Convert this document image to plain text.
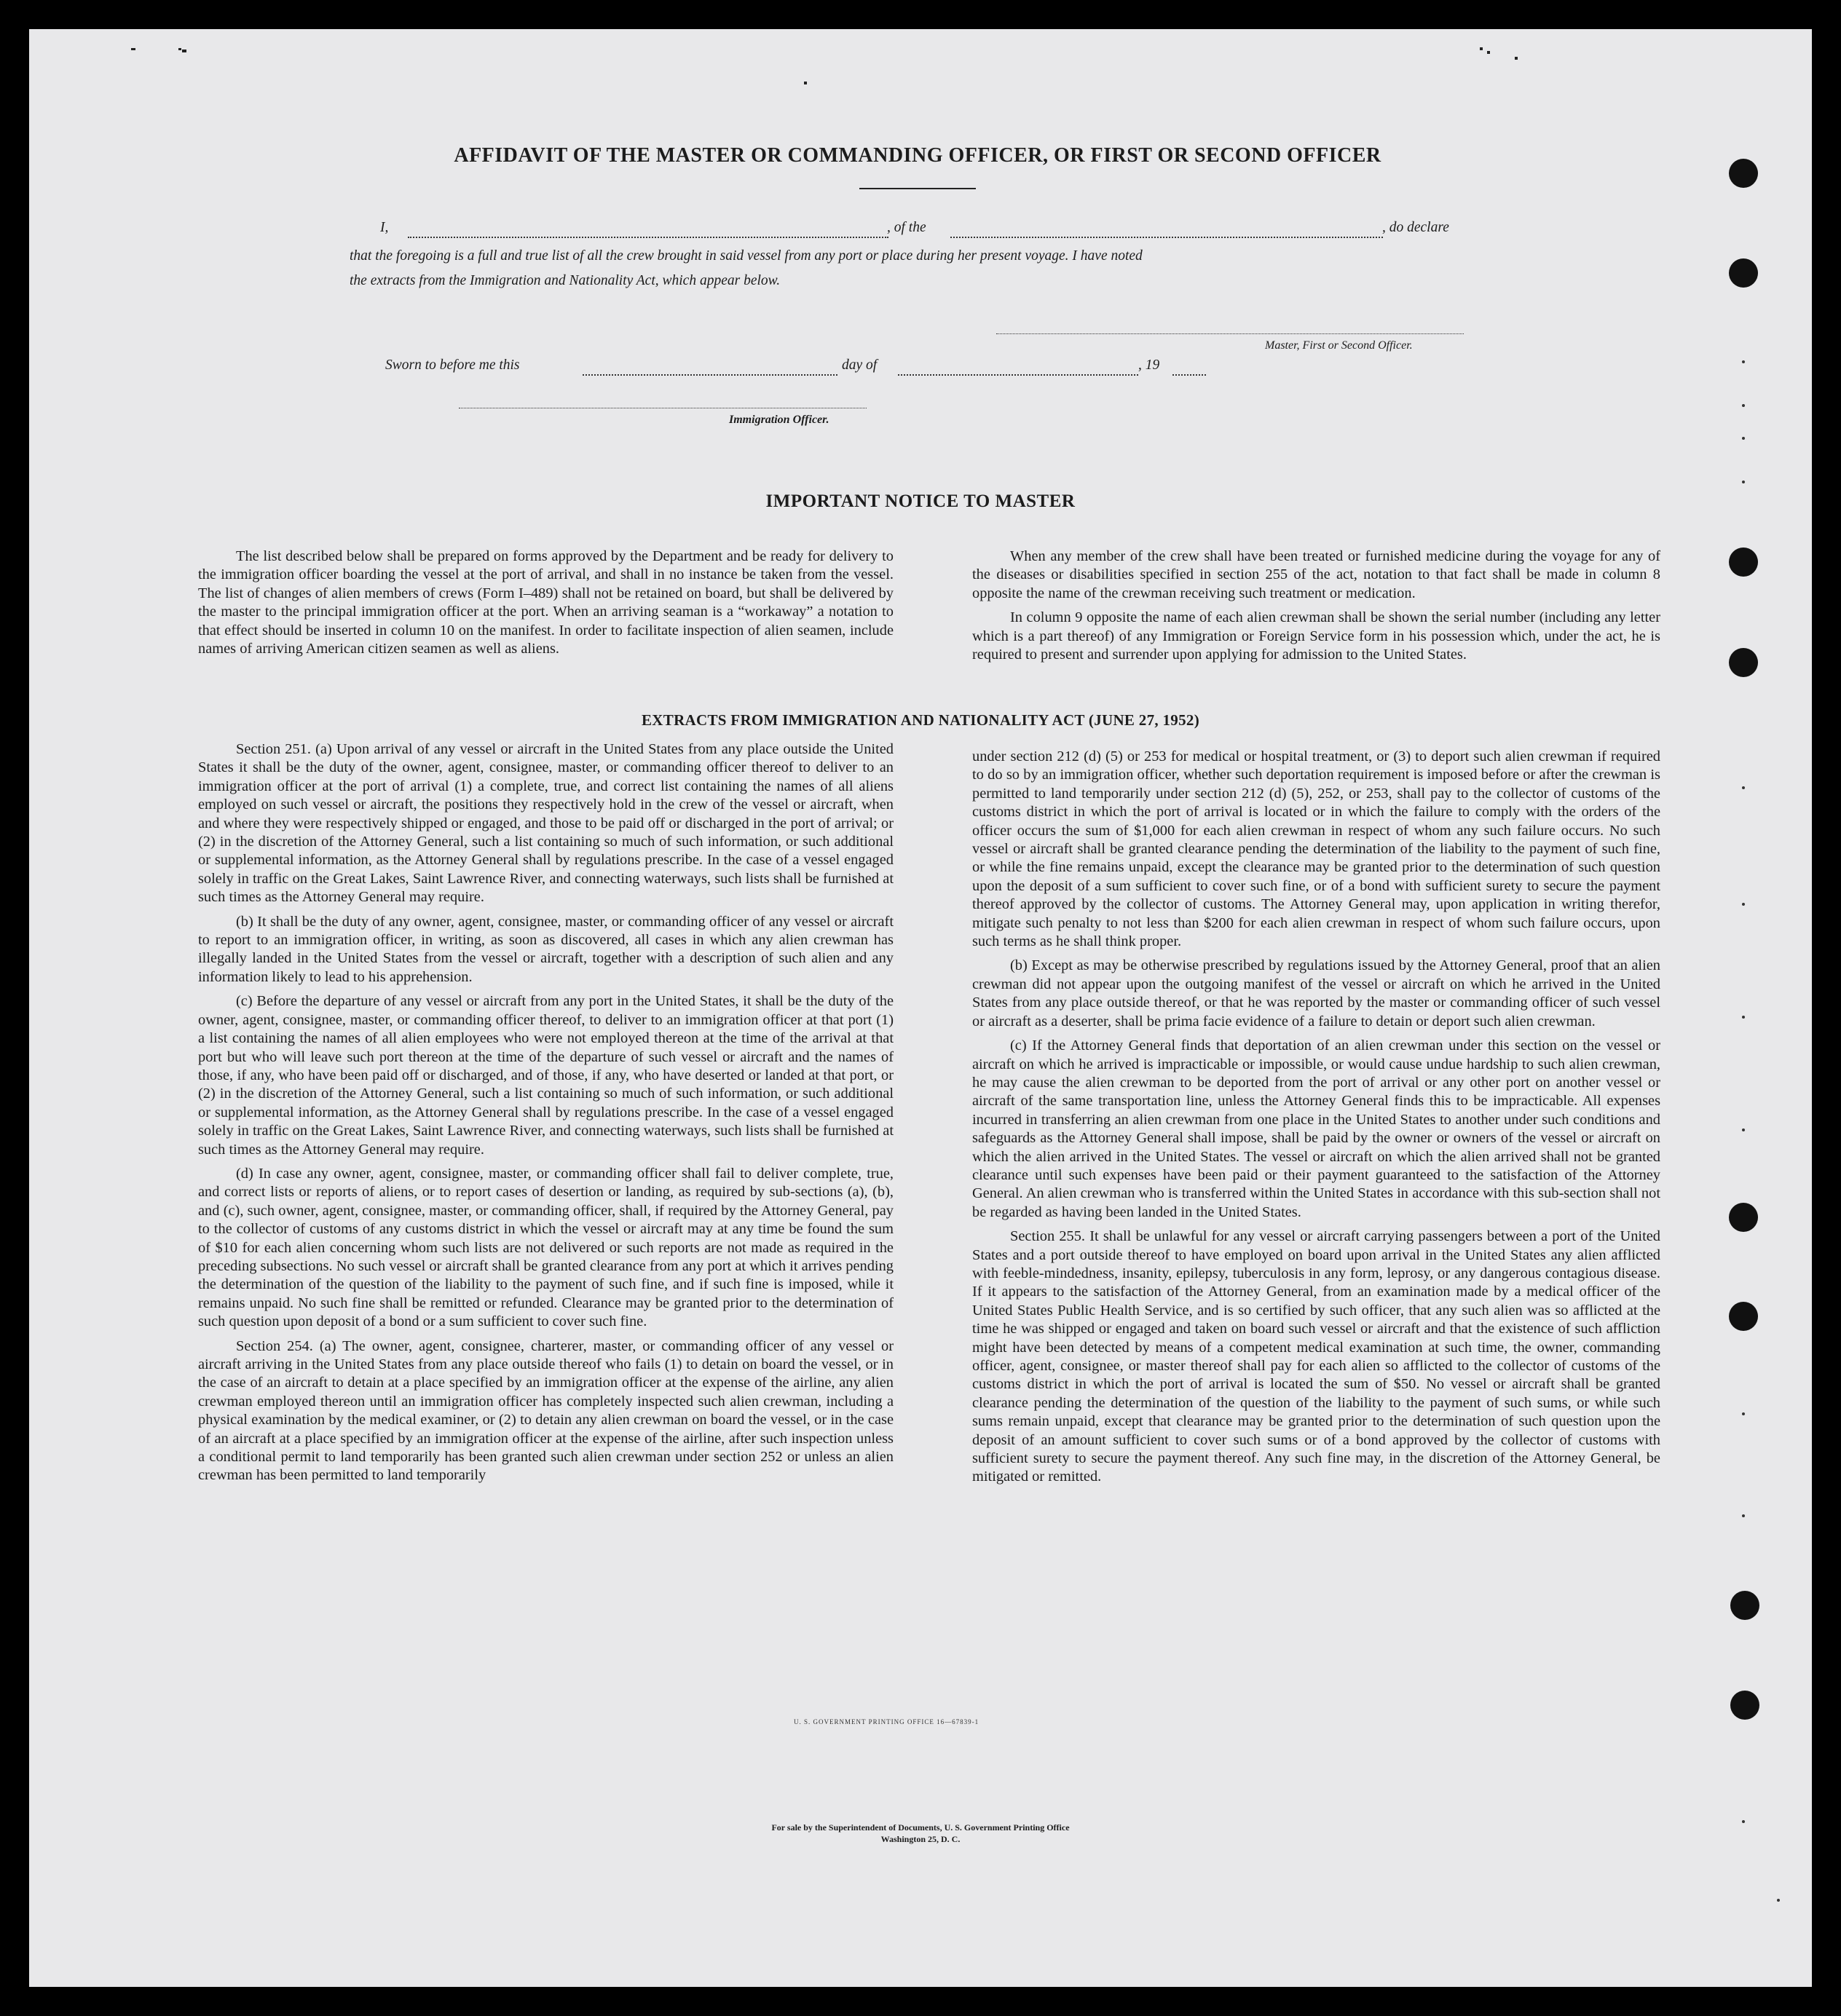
AFFIDAVIT OF THE MASTER OR COMMANDING OFFICER, OR FIRST OR SECOND OFFICER
I,	, of the	, do declare
that the foregoing is a full and true list of all the crew brought in said vessel from any port or place during her present voyage. I have noted
the extracts from the Immigration and Nationality Act, which appear below.
Master, First or Second Officer.
Sworn to before me this	day of	, 19
Immigration Officer.
IMPORTANT NOTICE TO MASTER

The list described below shall be prepared on forms approved by the Department and be ready for delivery to the immigration officer boarding the vessel at the port of arrival, and shall in no instance be taken from the vessel. The list of changes of alien members of crews (Form I–489) shall not be retained on board, but shall be delivered by the master to the principal immigration officer at the port. When an arriving seaman is a “workaway” a notation to that effect should be inserted in column 10 on the manifest. In order to facilitate inspection of alien seamen, include names of arriving American citizen seamen as well as aliens.

When any member of the crew shall have been treated or furnished medicine during the voyage for any of the diseases or disabilities specified in section 255 of the act, notation to that fact shall be made in column 8 opposite the name of the crewman receiving such treatment or medication.

In column 9 opposite the name of each alien crewman shall be shown the serial number (including any letter which is a part thereof) of any Immigration or Foreign Service form in his possession which, under the act, he is required to present and surrender upon applying for admission to the United States.

EXTRACTS FROM IMMIGRATION AND NATIONALITY ACT (JUNE 27, 1952)

Section 251. (a) Upon arrival of any vessel or aircraft in the United States from any place outside the United States it shall be the duty of the owner, agent, consignee, master, or commanding officer thereof to deliver to an immigration officer at the port of arrival (1) a complete, true, and correct list containing the names of all aliens employed on such vessel or aircraft, the positions they respectively hold in the crew of the vessel or aircraft, when and where they were respectively shipped or engaged, and those to be paid off or discharged in the port of arrival; or (2) in the discretion of the Attorney General, such a list containing so much of such information, or such additional or supplemental information, as the Attorney General shall by regulations prescribe. In the case of a vessel engaged solely in traffic on the Great Lakes, Saint Lawrence River, and connecting waterways, such lists shall be furnished at such times as the Attorney General may require.

(b) It shall be the duty of any owner, agent, consignee, master, or commanding officer of any vessel or aircraft to report to an immigration officer, in writing, as soon as discovered, all cases in which any alien crewman has illegally landed in the United States from the vessel or aircraft, together with a description of such alien and any information likely to lead to his apprehension.

(c) Before the departure of any vessel or aircraft from any port in the United States, it shall be the duty of the owner, agent, consignee, master, or commanding officer thereof, to deliver to an immigration officer at that port (1) a list containing the names of all alien employees who were not employed thereon at the time of the arrival at that port but who will leave such port thereon at the time of the departure of such vessel or aircraft and the names of those, if any, who have been paid off or discharged, and of those, if any, who have deserted or landed at that port, or (2) in the discretion of the Attorney General, such a list containing so much of such information, or such additional or supplemental information, as the Attorney General shall by regulations prescribe. In the case of a vessel engaged solely in traffic on the Great Lakes, Saint Lawrence River, and connecting waterways, such lists shall be furnished at such times as the Attorney General may require.

(d) In case any owner, agent, consignee, master, or commanding officer shall fail to deliver complete, true, and correct lists or reports of aliens, or to report cases of desertion or landing, as required by sub-sections (a), (b), and (c), such owner, agent, consignee, master, or commanding officer, shall, if required by the Attorney General, pay to the collector of customs of any customs district in which the vessel or aircraft may at any time be found the sum of $10 for each alien concerning whom such lists are not delivered or such reports are not made as required in the preceding subsections. No such vessel or aircraft shall be granted clearance from any port at which it arrives pending the determination of the question of the liability to the payment of such fine, and if such fine is imposed, while it remains unpaid. No such fine shall be remitted or refunded. Clearance may be granted prior to the determination of such question upon deposit of a bond or a sum sufficient to cover such fine.

Section 254. (a) The owner, agent, consignee, charterer, master, or commanding officer of any vessel or aircraft arriving in the United States from any place outside thereof who fails (1) to detain on board the vessel, or in the case of an aircraft to detain at a place specified by an immigration officer at the expense of the airline, any alien crewman employed thereon until an immigration officer has completely inspected such alien crewman, including a physical examination by the medical examiner, or (2) to detain any alien crewman on board the vessel, or in the case of an aircraft at a place specified by an immigration officer at the expense of the airline, after such inspection unless a conditional permit to land temporarily has been granted such alien crewman under section 252 or unless an alien crewman has been permitted to land temporarily

under section 212 (d) (5) or 253 for medical or hospital treatment, or (3) to deport such alien crewman if required to do so by an immigration officer, whether such deportation requirement is imposed before or after the crewman is permitted to land temporarily under section 212 (d) (5), 252, or 253, shall pay to the collector of customs of the customs district in which the port of arrival is located or in which the failure to comply with the orders of the officer occurs the sum of $1,000 for each alien crewman in respect of whom any such failure occurs. No such vessel or aircraft shall be granted clearance pending the determination of the liability to the payment of such fine, or while the fine remains unpaid, except the clearance may be granted prior to the determination of such question upon the deposit of a sum sufficient to cover such fine, or of a bond with sufficient surety to secure the payment thereof approved by the collector of customs. The Attorney General may, upon application in writing therefor, mitigate such penalty to not less than $200 for each alien crewman in respect of whom such failure occurs, upon such terms as he shall think proper.

(b) Except as may be otherwise prescribed by regulations issued by the Attorney General, proof that an alien crewman did not appear upon the outgoing manifest of the vessel or aircraft on which he arrived in the United States from any place outside thereof, or that he was reported by the master or commanding officer of such vessel or aircraft as a deserter, shall be prima facie evidence of a failure to detain or deport such alien crewman.

(c) If the Attorney General finds that deportation of an alien crewman under this section on the vessel or aircraft on which he arrived is impracticable or impossible, or would cause undue hardship to such alien crewman, he may cause the alien crewman to be deported from the port of arrival or any other port on another vessel or aircraft of the same transportation line, unless the Attorney General finds this to be impracticable. All expenses incurred in transferring an alien crewman from one place in the United States to another under such conditions and safeguards as the Attorney General shall impose, shall be paid by the owner or owners of the vessel or aircraft on which the alien arrived in the United States. The vessel or aircraft on which the alien arrived shall not be granted clearance until such expenses have been paid or their payment guaranteed to the satisfaction of the Attorney General. An alien crewman who is transferred within the United States in accordance with this sub-section shall not be regarded as having been landed in the United States.

Section 255. It shall be unlawful for any vessel or aircraft carrying passengers between a port of the United States and a port outside thereof to have employed on board upon arrival in the United States any alien afflicted with feeble-mindedness, insanity, epilepsy, tuberculosis in any form, leprosy, or any dangerous contagious disease. If it appears to the satisfaction of the Attorney General, from an examination made by a medical officer of the United States Public Health Service, and is so certified by such officer, that any such alien was so afflicted at the time he was shipped or engaged and taken on board such vessel or aircraft and that the existence of such affliction might have been detected by means of a competent medical examination at such time, the owner, commanding officer, agent, consignee, or master thereof shall pay for each alien so afflicted to the collector of customs of the customs district in which the port of arrival is located the sum of $50. No vessel or aircraft shall be granted clearance pending the determination of the question of the liability to the payment of such sums, or while such sums remain unpaid, except that clearance may be granted prior to the determination of such question upon the deposit of an amount sufficient to cover such sums or of a bond approved by the collector of customs with sufficient surety to secure the payment thereof. Any such fine may, in the discretion of the Attorney General, be mitigated or remitted.

U. S. GOVERNMENT PRINTING OFFICE 16—67839-1
For sale by the Superintendent of Documents, U. S. Government Printing Office
Washington 25, D. C.
